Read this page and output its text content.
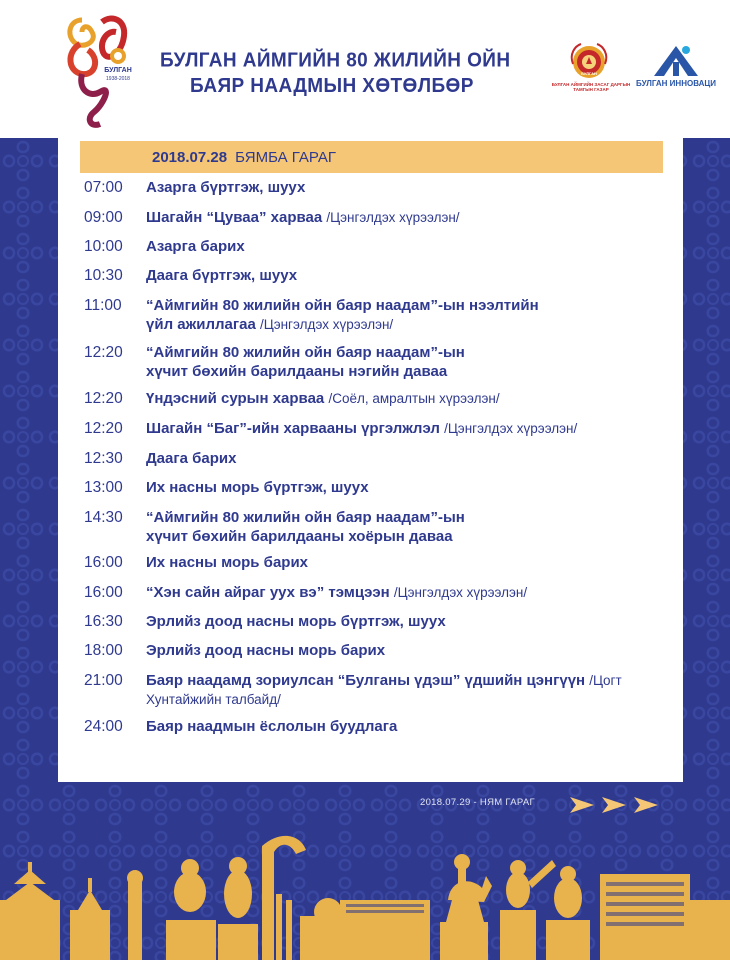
БУЛГАН
1938-2018
БУЛГАН АЙМГИЙН 80 ЖИЛИЙН ОЙН
БАЯР НААДМЫН ХӨТӨЛБӨР
БУЛГАН
БУЛГАН АЙМГИЙН ЗАСАГ ДАРГЫН ТАМГЫН ГАЗАР
БУЛГАН ИННОВАЦИ
2018.07.28 БЯМБА ГАРАГ
07:00	Азарга бүртгэж, шуух
09:00	Шагайн “Цуваа” харваа /Цэнгэлдэх хүрээлэн/
10:00	Азарга барих
10:30	Даага бүртгэж, шуух
11:00	“Аймгийн 80 жилийн ойн баяр наадам”-ын нээлтийн
үйл ажиллагаа /Цэнгэлдэх хүрээлэн/
12:20	“Аймгийн 80 жилийн ойн баяр наадам”-ын
хүчит бөхийн барилдааны нэгийн даваа
12:20	Үндэсний сурын харваа /Соёл, амралтын хүрээлэн/
12:20	Шагайн “Баг”-ийн харвааны үргэлжлэл /Цэнгэлдэх хүрээлэн/
12:30	Даага барих
13:00	Их насны морь бүртгэж, шуух
14:30	“Аймгийн 80 жилийн ойн баяр наадам”-ын
хүчит бөхийн барилдааны хоёрын даваа
16:00	Их насны морь барих
16:00	“Хэн сайн айраг уух вэ” тэмцээн /Цэнгэлдэх хүрээлэн/
16:30	Эрлийз доод насны морь бүртгэж, шуух
18:00	Эрлийз доод насны морь барих
21:00	Баяр наадамд зориулсан “Булганы үдэш” үдшийн цэнгүүн /Цогт
Хунтайжийн талбайд/
24:00	Баяр наадмын ёслолын буудлага
2018.07.29 - НЯМ ГАРАГ
